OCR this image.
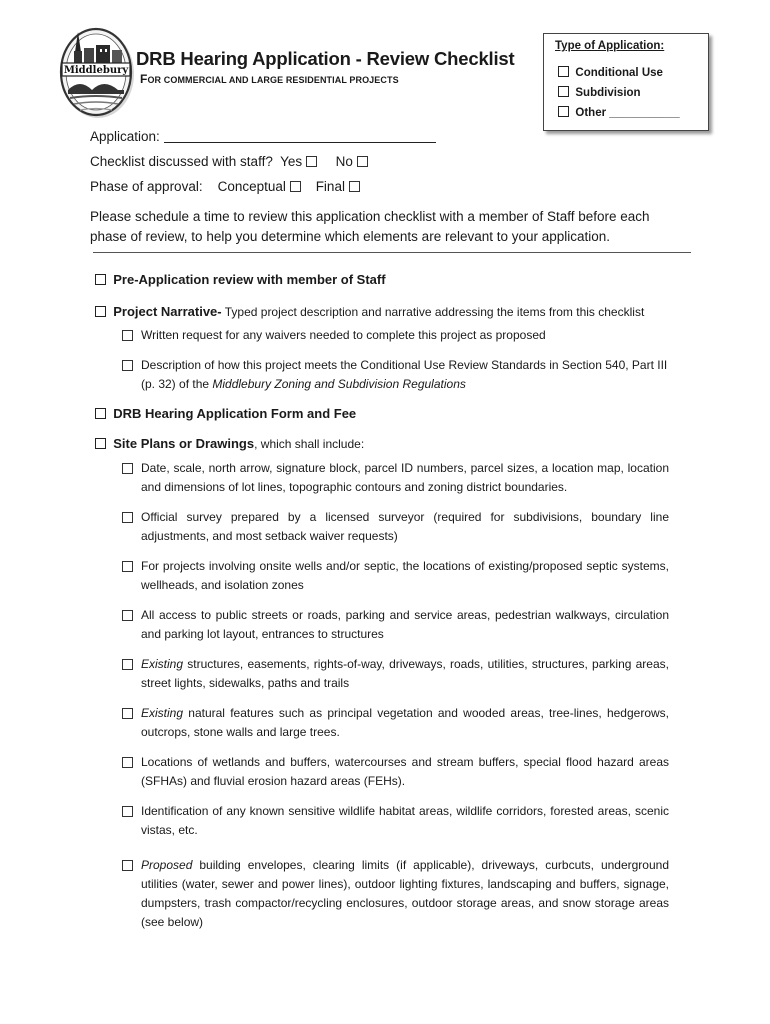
Middlebury
DRB Hearing Application - Review Checklist
FOR COMMERCIAL AND LARGE RESIDENTIAL PROJECTS
Type of Application:
Conditional Use
Subdivision
Other ___________
Application:
Checklist discussed with staff? Yes No
Phase of approval: Conceptual Final
Please schedule a time to review this application checklist with a member of Staff before each phase of review, to help you determine which elements are relevant to your application.
Pre-Application review with member of Staff
Project Narrative- Typed project description and narrative addressing the items from this checklist
Written request for any waivers needed to complete this project as proposed
Description of how this project meets the Conditional Use Review Standards in Section 540, Part III (p. 32) of the Middlebury Zoning and Subdivision Regulations
DRB Hearing Application Form and Fee
Site Plans or Drawings, which shall include:
Date, scale, north arrow, signature block, parcel ID numbers, parcel sizes, a location map, location and dimensions of lot lines, topographic contours and zoning district boundaries.
Official survey prepared by a licensed surveyor (required for subdivisions, boundary line adjustments, and most setback waiver requests)
For projects involving onsite wells and/or septic, the locations of existing/proposed septic systems, wellheads, and isolation zones
All access to public streets or roads, parking and service areas, pedestrian walkways, circulation and parking lot layout, entrances to structures
Existing structures, easements, rights-of-way, driveways, roads, utilities, structures, parking areas, street lights, sidewalks, paths and trails
Existing natural features such as principal vegetation and wooded areas, tree-lines, hedgerows, outcrops, stone walls and large trees.
Locations of wetlands and buffers, watercourses and stream buffers, special flood hazard areas (SFHAs) and fluvial erosion hazard areas (FEHs).
Identification of any known sensitive wildlife habitat areas, wildlife corridors, forested areas, scenic vistas, etc.
Proposed building envelopes, clearing limits (if applicable), driveways, curbcuts, underground utilities (water, sewer and power lines), outdoor lighting fixtures, landscaping and buffers, signage, dumpsters, trash compactor/recycling enclosures, outdoor storage areas, and snow storage areas (see below)
